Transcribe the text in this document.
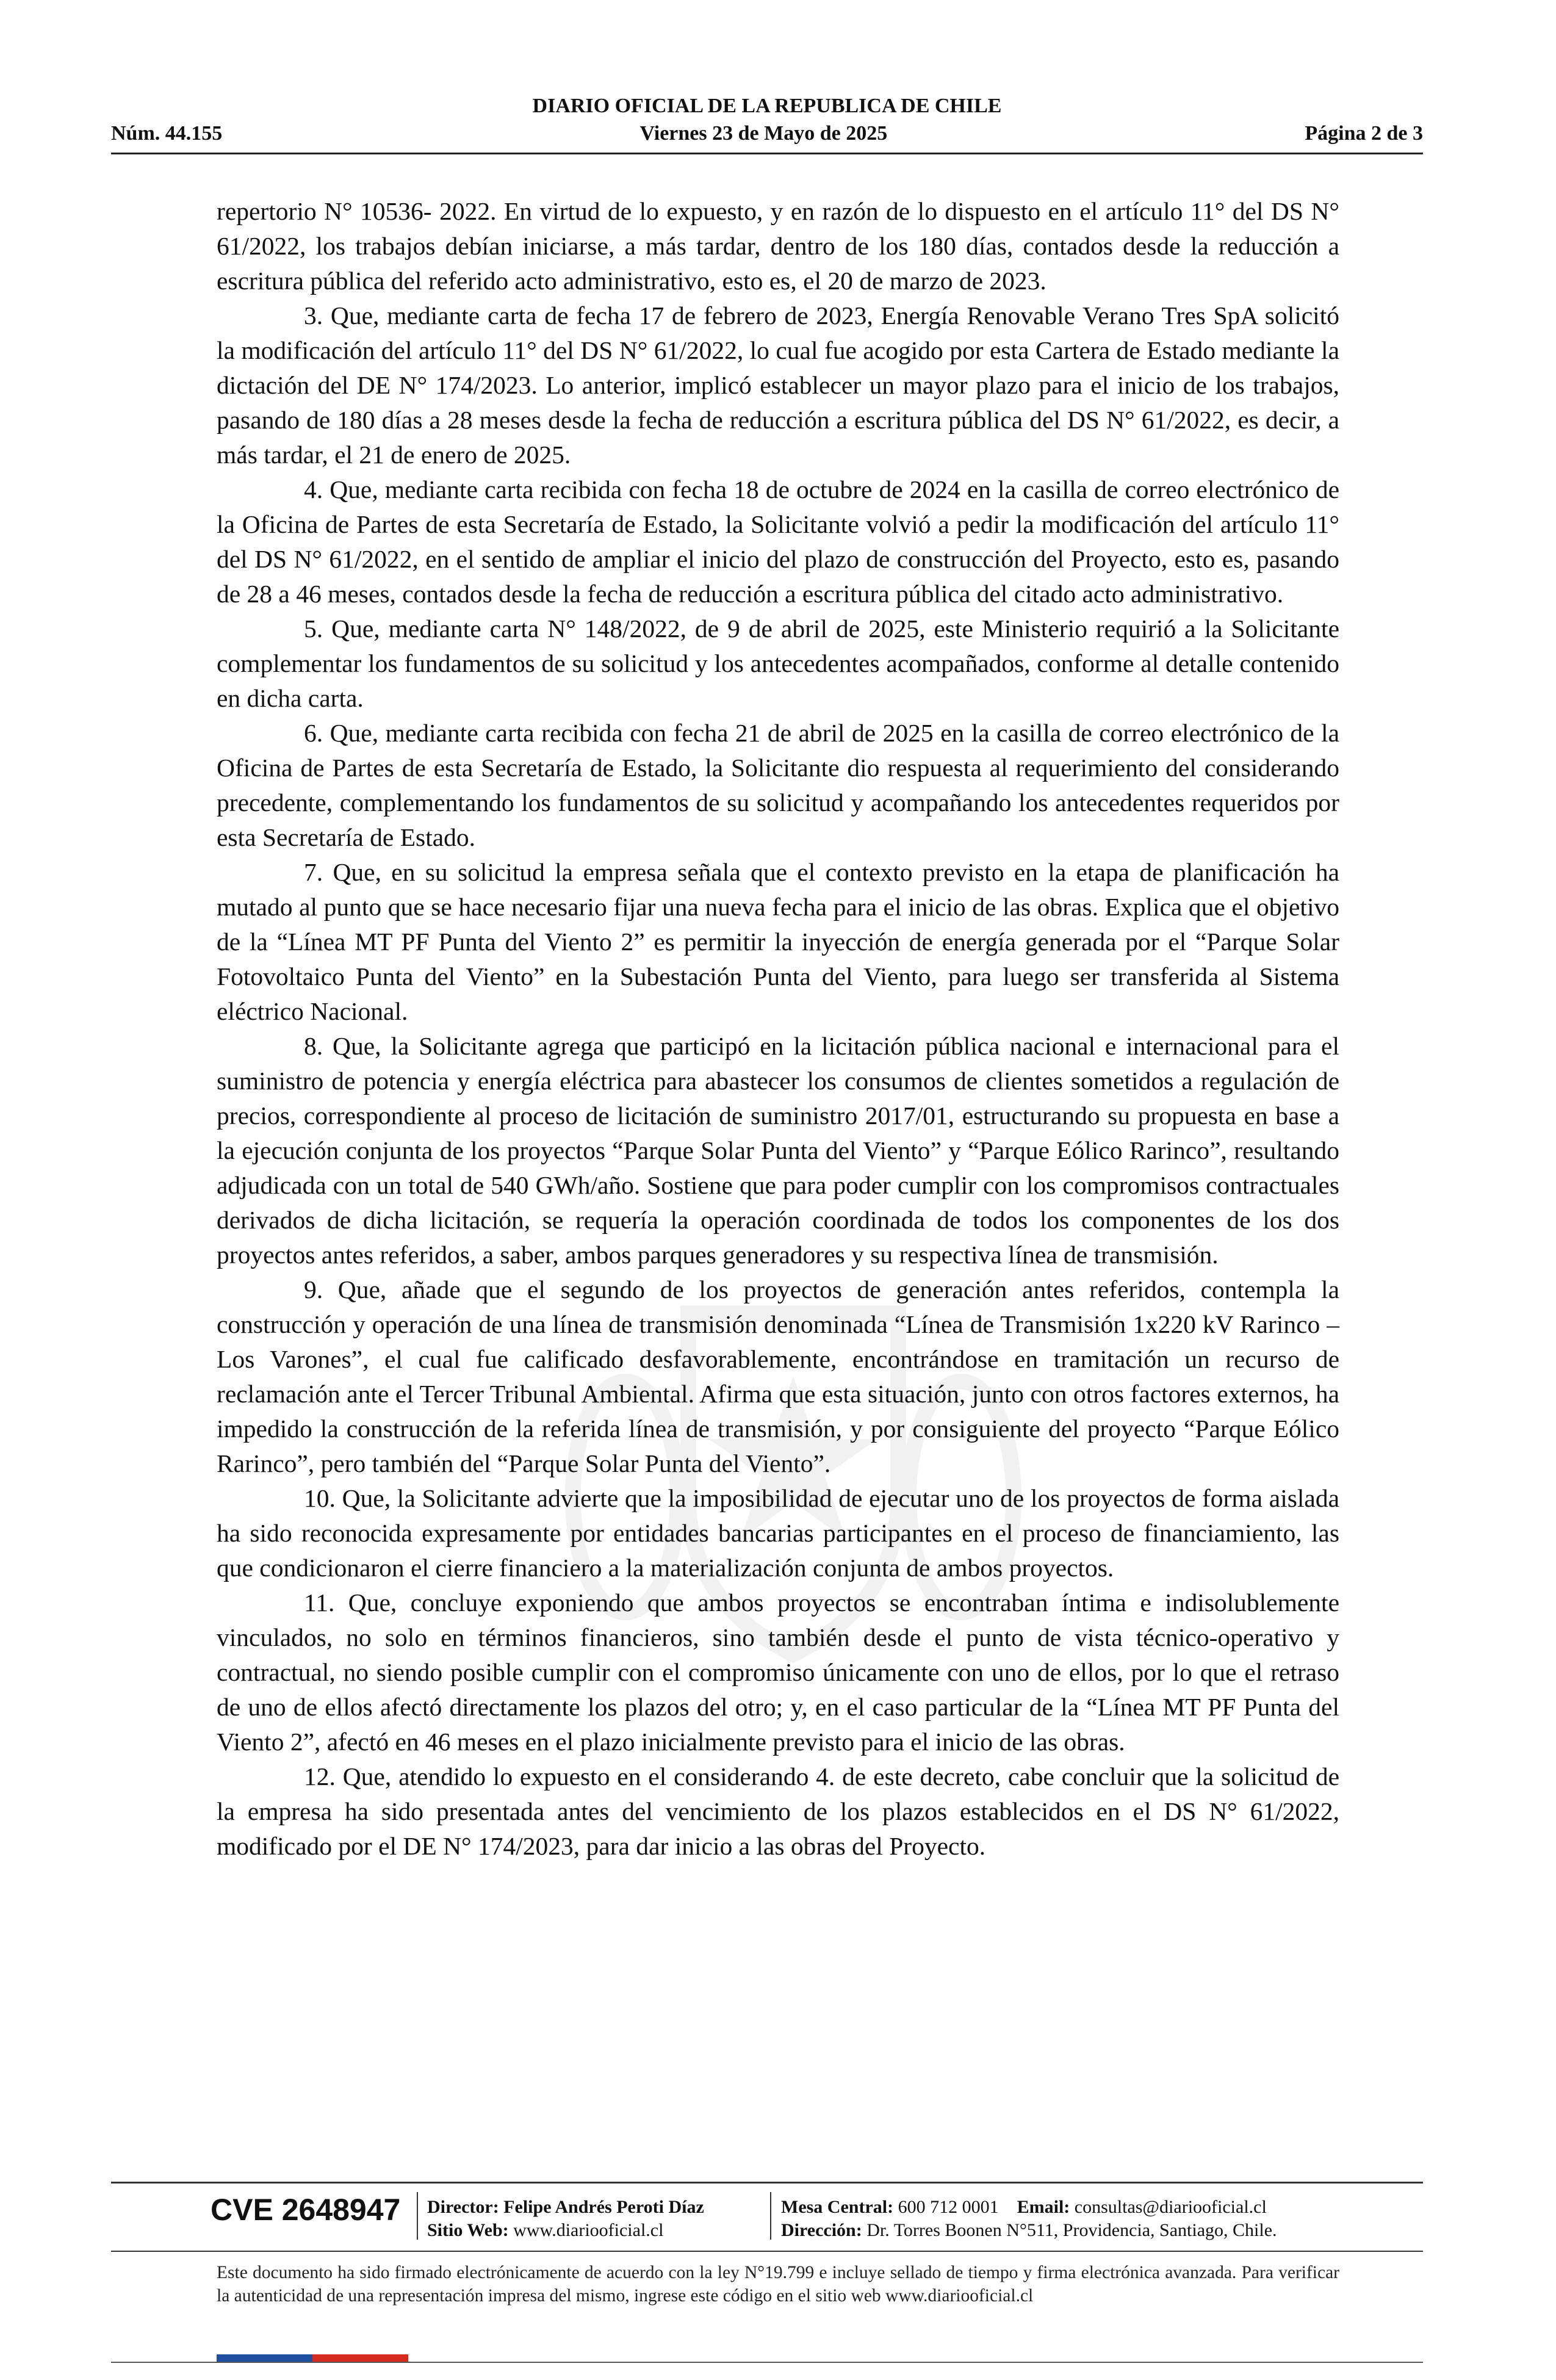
DIARIO OFICIAL DE LA REPUBLICA DE CHILE
Núm. 44.155	Viernes 23 de Mayo de 2025	Página 2 de 3

repertorio N° 10536- 2022. En virtud de lo expuesto, y en razón de lo dispuesto en el artículo 11° del DS N° 61/2022, los trabajos debían iniciarse, a más tardar, dentro de los 180 días, contados desde la reducción a escritura pública del referido acto administrativo, esto es, el 20 de marzo de 2023.

3. Que, mediante carta de fecha 17 de febrero de 2023, Energía Renovable Verano Tres SpA solicitó la modificación del artículo 11° del DS N° 61/2022, lo cual fue acogido por esta Cartera de Estado mediante la dictación del DE N° 174/2023. Lo anterior, implicó establecer un mayor plazo para el inicio de los trabajos, pasando de 180 días a 28 meses desde la fecha de reducción a escritura pública del DS N° 61/2022, es decir, a más tardar, el 21 de enero de 2025.

4. Que, mediante carta recibida con fecha 18 de octubre de 2024 en la casilla de correo electrónico de la Oficina de Partes de esta Secretaría de Estado, la Solicitante volvió a pedir la modificación del artículo 11° del DS N° 61/2022, en el sentido de ampliar el inicio del plazo de construcción del Proyecto, esto es, pasando de 28 a 46 meses, contados desde la fecha de reducción a escritura pública del citado acto administrativo.

5. Que, mediante carta N° 148/2022, de 9 de abril de 2025, este Ministerio requirió a la Solicitante complementar los fundamentos de su solicitud y los antecedentes acompañados, conforme al detalle contenido en dicha carta.

6. Que, mediante carta recibida con fecha 21 de abril de 2025 en la casilla de correo electrónico de la Oficina de Partes de esta Secretaría de Estado, la Solicitante dio respuesta al requerimiento del considerando precedente, complementando los fundamentos de su solicitud y acompañando los antecedentes requeridos por esta Secretaría de Estado.

7. Que, en su solicitud la empresa señala que el contexto previsto en la etapa de planificación ha mutado al punto que se hace necesario fijar una nueva fecha para el inicio de las obras. Explica que el objetivo de la “Línea MT PF Punta del Viento 2” es permitir la inyección de energía generada por el “Parque Solar Fotovoltaico Punta del Viento” en la Subestación Punta del Viento, para luego ser transferida al Sistema eléctrico Nacional.

8. Que, la Solicitante agrega que participó en la licitación pública nacional e internacional para el suministro de potencia y energía eléctrica para abastecer los consumos de clientes sometidos a regulación de precios, correspondiente al proceso de licitación de suministro 2017/01, estructurando su propuesta en base a la ejecución conjunta de los proyectos “Parque Solar Punta del Viento” y “Parque Eólico Rarinco”, resultando adjudicada con un total de 540 GWh/año. Sostiene que para poder cumplir con los compromisos contractuales derivados de dicha licitación, se requería la operación coordinada de todos los componentes de los dos proyectos antes referidos, a saber, ambos parques generadores y su respectiva línea de transmisión.

9. Que, añade que el segundo de los proyectos de generación antes referidos, contempla la construcción y operación de una línea de transmisión denominada “Línea de Transmisión 1x220 kV Rarinco – Los Varones”, el cual fue calificado desfavorablemente, encontrándose en tramitación un recurso de reclamación ante el Tercer Tribunal Ambiental. Afirma que esta situación, junto con otros factores externos, ha impedido la construcción de la referida línea de transmisión, y por consiguiente del proyecto “Parque Eólico Rarinco”, pero también del “Parque Solar Punta del Viento”.

10. Que, la Solicitante advierte que la imposibilidad de ejecutar uno de los proyectos de forma aislada ha sido reconocida expresamente por entidades bancarias participantes en el proceso de financiamiento, las que condicionaron el cierre financiero a la materialización conjunta de ambos proyectos.

11. Que, concluye exponiendo que ambos proyectos se encontraban íntima e indisolublemente vinculados, no solo en términos financieros, sino también desde el punto de vista técnico-operativo y contractual, no siendo posible cumplir con el compromiso únicamente con uno de ellos, por lo que el retraso de uno de ellos afectó directamente los plazos del otro; y, en el caso particular de la “Línea MT PF Punta del Viento 2”, afectó en 46 meses en el plazo inicialmente previsto para el inicio de las obras.

12. Que, atendido lo expuesto en el considerando 4. de este decreto, cabe concluir que la solicitud de la empresa ha sido presentada antes del vencimiento de los plazos establecidos en el DS N° 61/2022, modificado por el DE N° 174/2023, para dar inicio a las obras del Proyecto.

CVE 2648947 Director: Felipe Andrés Peroti Díaz
Sitio Web: www.diariooficial.cl
Mesa Central: 600 712 0001 Email: consultas@diariooficial.cl
Dirección: Dr. Torres Boonen N°511, Providencia, Santiago, Chile.
Este documento ha sido firmado electrónicamente de acuerdo con la ley N°19.799 e incluye sellado de tiempo y firma electrónica avanzada. Para verificar la autenticidad de una representación impresa del mismo, ingrese este código en el sitio web www.diariooficial.cl
